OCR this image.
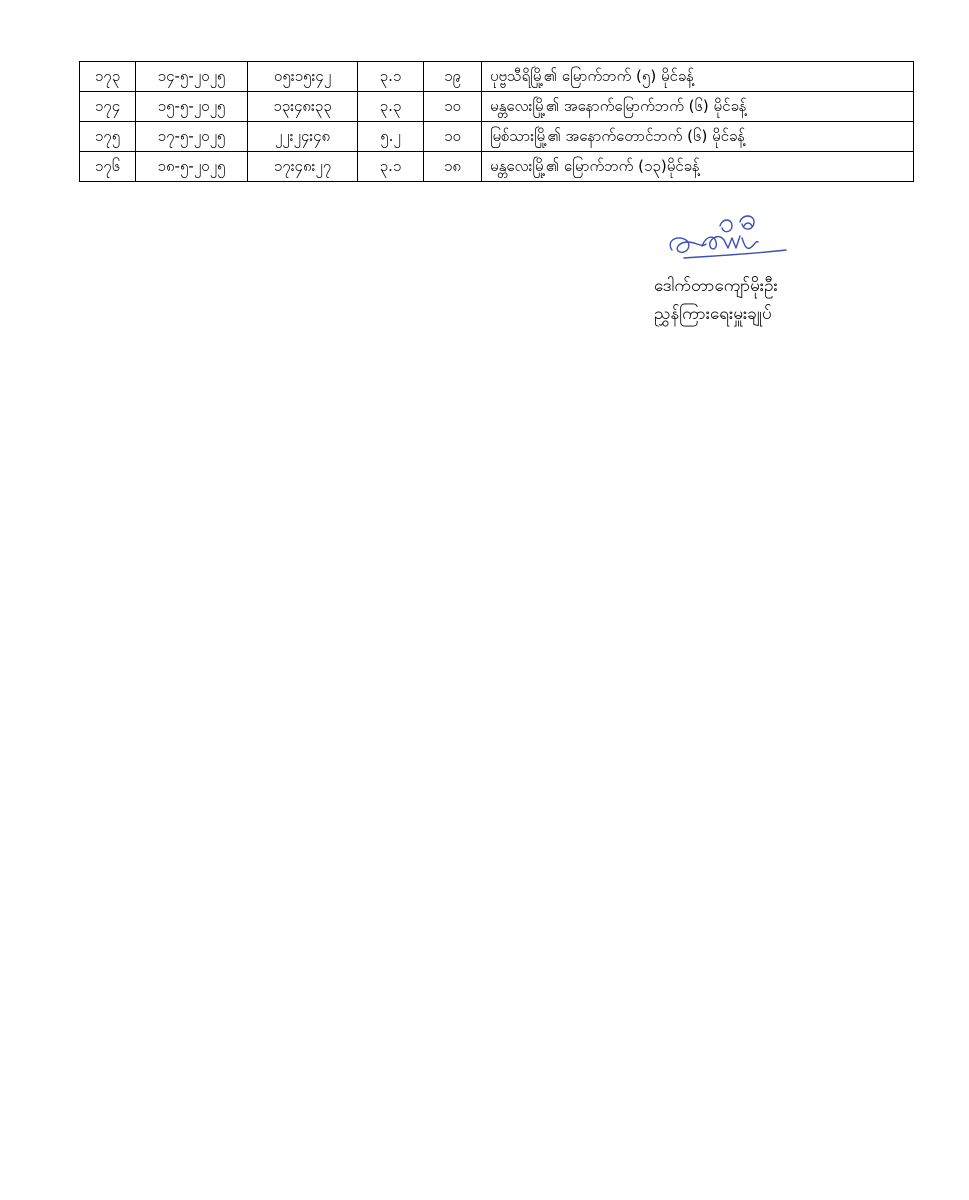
၁၇၃	၁၄-၅-၂၀၂၅	၀၅း၁၅း၄၂	၃.၁	၁၉	ပုဗ္ဗသီရိမြို့၏ မြောက်ဘက် (၅) မိုင်ခန့်
၁၇၄	၁၅-၅-၂၀၂၅	၁၃း၄၈း၃၃	၃.၃	၁၀	မန္တလေးမြို့၏ အနောက်မြောက်ဘက် (၆) မိုင်ခန့်
၁၇၅	၁၇-၅-၂၀၂၅	၂၂း၂၄း၄၈	၅.၂	၁၀	မြစ်သားမြို့၏ အနောက်တောင်ဘက် (၆) မိုင်ခန့်
၁၇၆	၁၈-၅-၂၀၂၅	၁၇း၄၈း၂၇	၃.၁	၁၈	မန္တလေးမြို့၏ မြောက်ဘက် (၁၃)မိုင်ခန့်
ဒေါက်တာကျော်မိုးဦး
ညွှန်ကြားရေးမှူးချုပ်
